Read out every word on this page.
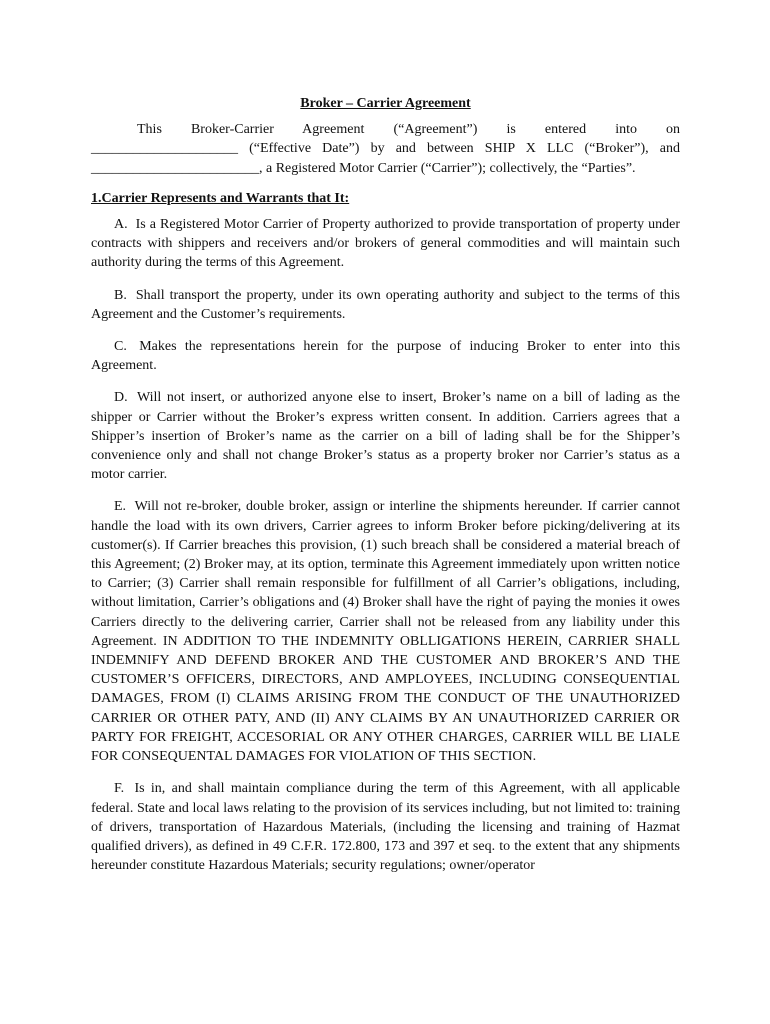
Broker – Carrier Agreement
This Broker-Carrier Agreement (“Agreement”) is entered into on
_____________________ (“Effective Date”) by and between SHIP X LLC (“Broker”), and
________________________, a Registered Motor Carrier (“Carrier”); collectively, the “Parties”.
1.Carrier Represents and Warrants that It:

A. Is a Registered Motor Carrier of Property authorized to provide transportation of property under contracts with shippers and receivers and/or brokers of general commodities and will maintain such authority during the terms of this Agreement.

B. Shall transport the property, under its own operating authority and subject to the terms of this Agreement and the Customer’s requirements.

C. Makes the representations herein for the purpose of inducing Broker to enter into this Agreement.

D. Will not insert, or authorized anyone else to insert, Broker’s name on a bill of lading as the shipper or Carrier without the Broker’s express written consent. In addition. Carriers agrees that a Shipper’s insertion of Broker’s name as the carrier on a bill of lading shall be for the Shipper’s convenience only and shall not change Broker’s status as a property broker nor Carrier’s status as a motor carrier.

E. Will not re-broker, double broker, assign or interline the shipments hereunder. If carrier cannot handle the load with its own drivers, Carrier agrees to inform Broker before picking/delivering at its customer(s). If Carrier breaches this provision, (1) such breach shall be considered a material breach of this Agreement; (2) Broker may, at its option, terminate this Agreement immediately upon written notice to Carrier; (3) Carrier shall remain responsible for fulfillment of all Carrier’s obligations, including, without limitation, Carrier’s obligations and (4) Broker shall have the right of paying the monies it owes Carriers directly to the delivering carrier, Carrier shall not be released from any liability under this Agreement. IN ADDITION TO THE INDEMNITY OBLLIGATIONS HEREIN, CARRIER SHALL INDEMNIFY AND DEFEND BROKER AND THE CUSTOMER AND BROKER’S AND THE CUSTOMER’S OFFICERS, DIRECTORS, AND AMPLOYEES, INCLUDING CONSEQUENTIAL DAMAGES, FROM (I) CLAIMS ARISING FROM THE CONDUCT OF THE UNAUTHORIZED CARRIER OR OTHER PATY, AND (II) ANY CLAIMS BY AN UNAUTHORIZED CARRIER OR PARTY FOR FREIGHT, ACCESORIAL OR ANY OTHER CHARGES, CARRIER WILL BE LIALE FOR CONSEQUENTAL DAMAGES FOR VIOLATION OF THIS SECTION.

F. Is in, and shall maintain compliance during the term of this Agreement, with all applicable federal. State and local laws relating to the provision of its services including, but not limited to: training of drivers, transportation of Hazardous Materials, (including the licensing and training of Hazmat qualified drivers), as defined in 49 C.F.R. 172.800, 173 and 397 et seq. to the extent that any shipments hereunder constitute Hazardous Materials; security regulations; owner/operator
